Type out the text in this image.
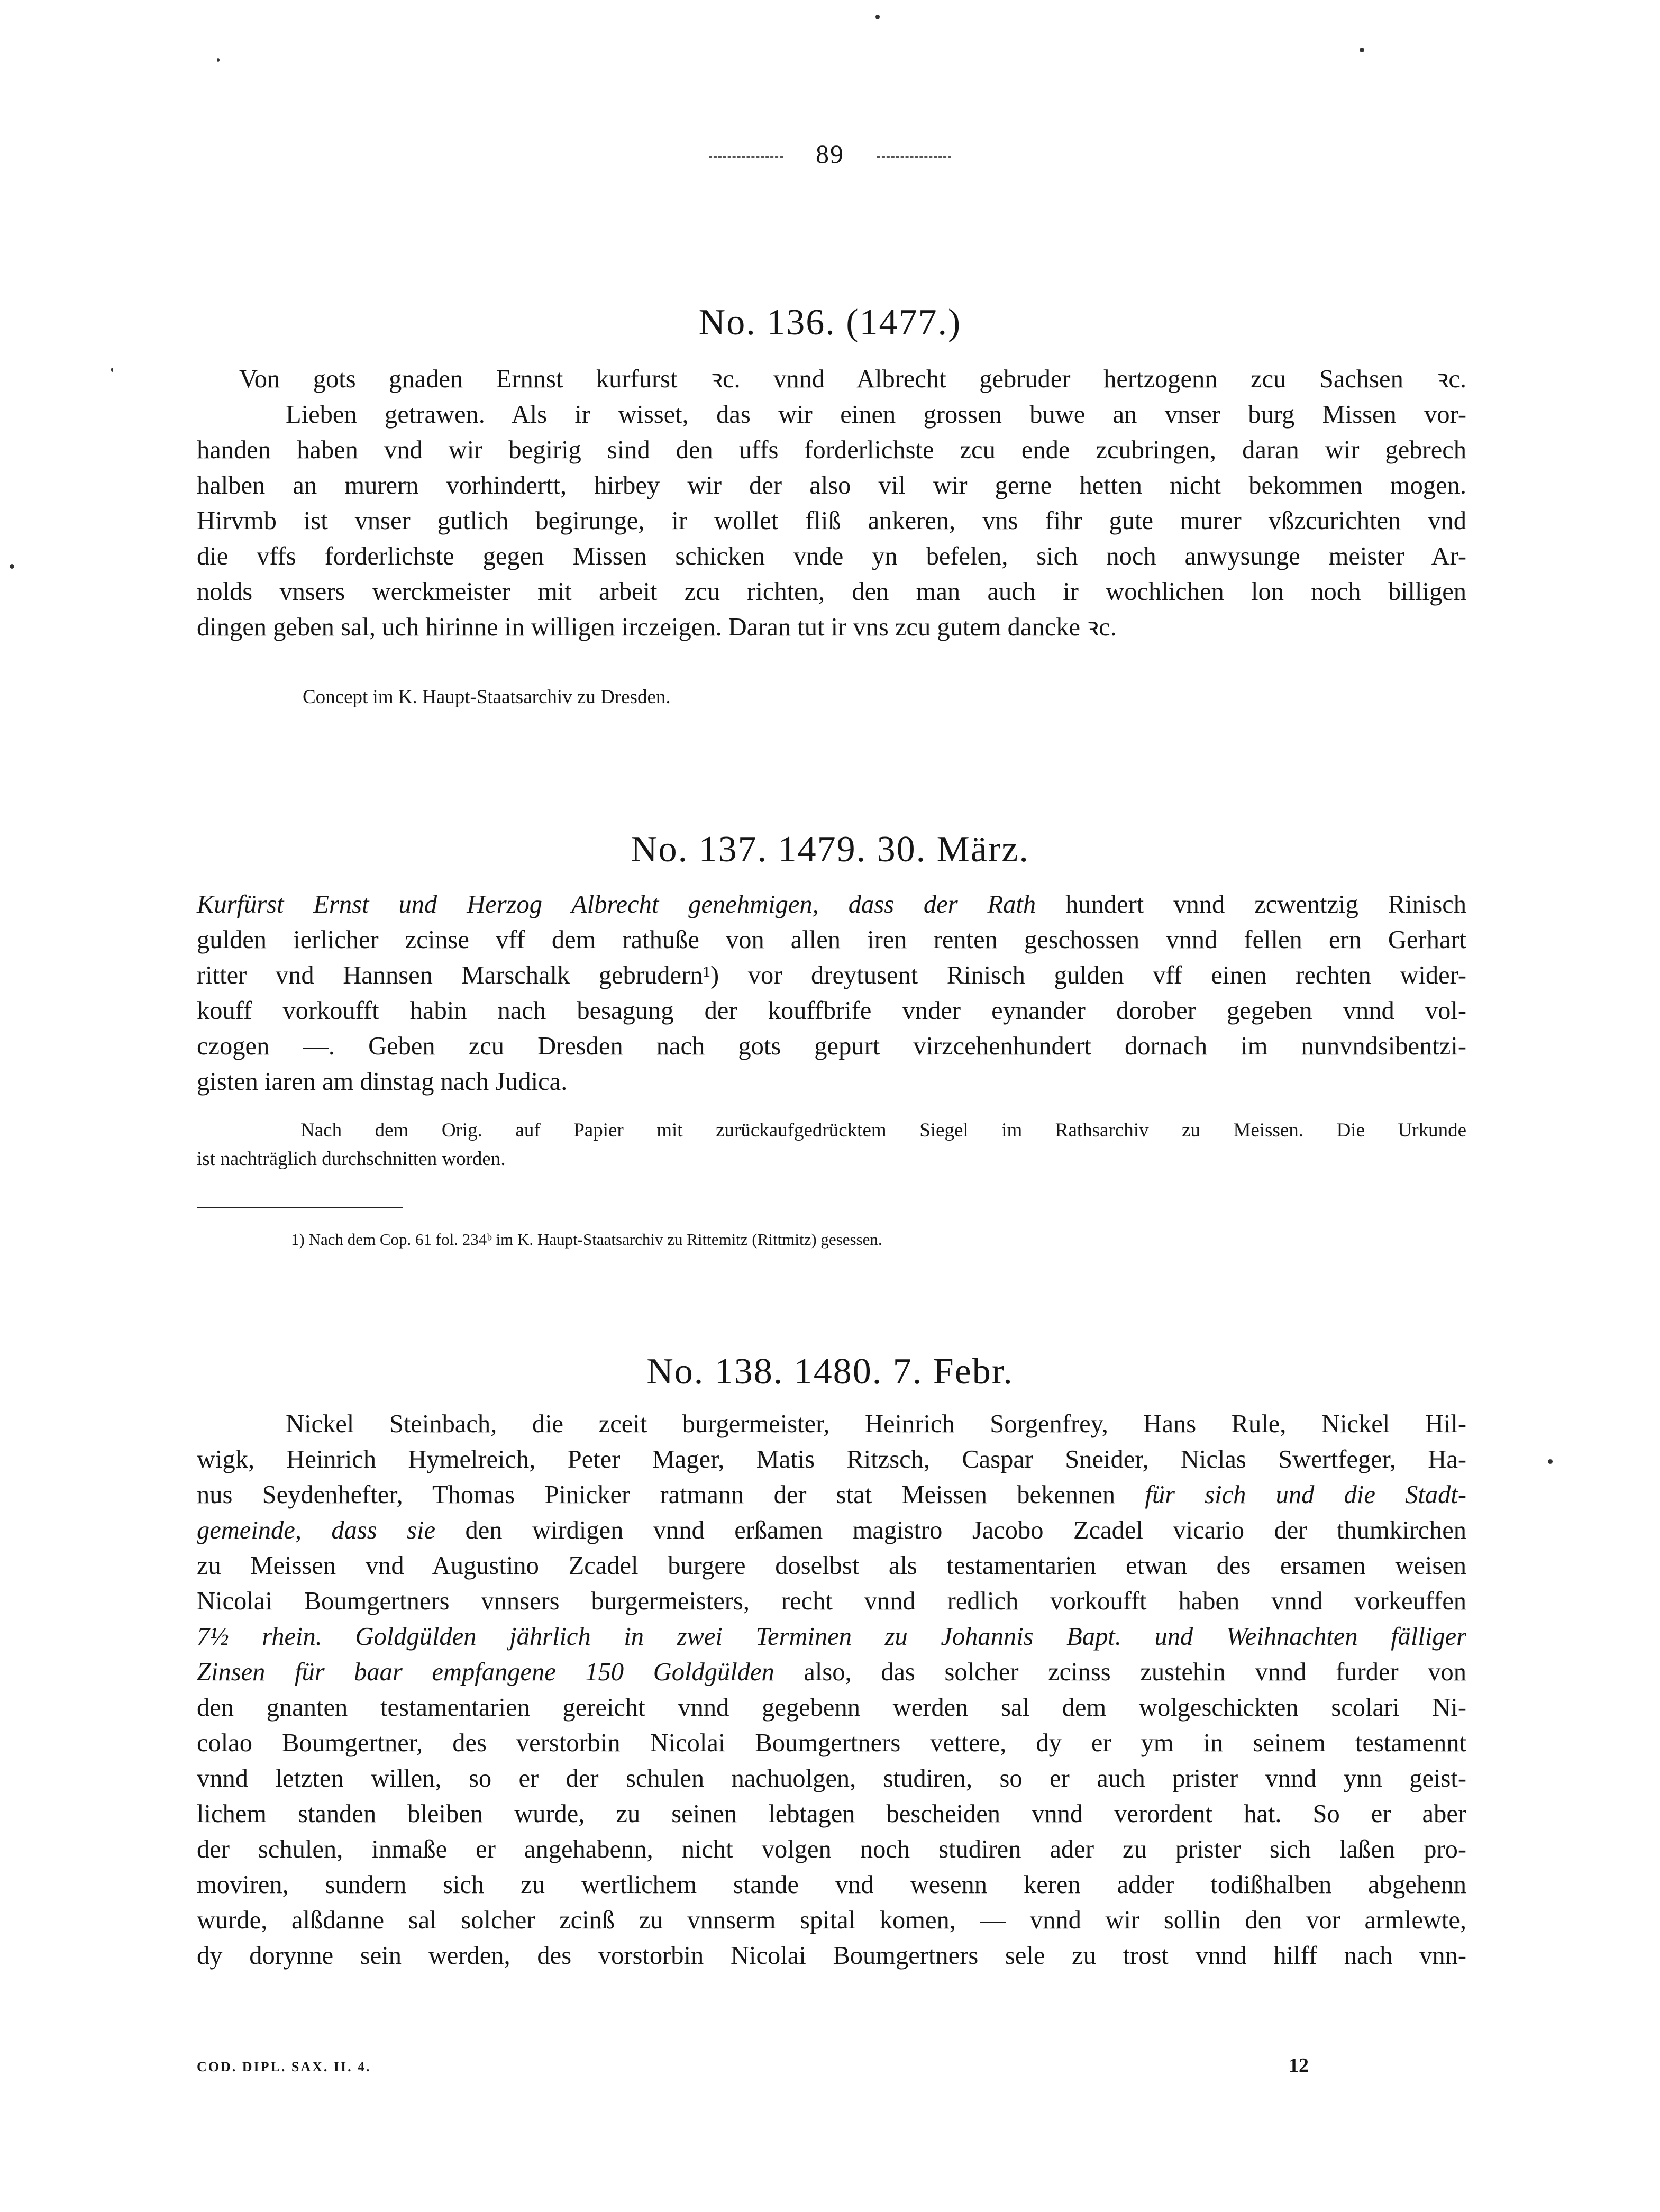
89
No. 136. (1477.)
Von gots gnaden Ernnst kurfurst ꝛc. vnnd Albrecht gebruder hertzogenn zcu Sachsen ꝛc.
Lieben getrawen. Als ir wisset, das wir einen grossen buwe an vnser burg Missen vor-
handen haben vnd wir begirig sind den uffs forderlichste zcu ende zcubringen, daran wir gebrech
halben an murern vorhindertt, hirbey wir der also vil wir gerne hetten nicht bekommen mogen.
Hirvmb ist vnser gutlich begirunge, ir wollet fliß ankeren, vns fihr gute murer vßzcurichten vnd
die vffs forderlichste gegen Missen schicken vnde yn befelen, sich noch anwysunge meister Ar-
nolds vnsers werckmeister mit arbeit zcu richten, den man auch ir wochlichen lon noch billigen
dingen geben sal, uch hirinne in willigen irczeigen. Daran tut ir vns zcu gutem dancke ꝛc.
Concept im K. Haupt-Staatsarchiv zu Dresden.
No. 137. 1479. 30. März.
Kurfürst Ernst und Herzog Albrecht genehmigen, dass der Rath hundert vnnd zcwentzig Rinisch
gulden ierlicher zcinse vff dem rathuße von allen iren renten geschossen vnnd fellen ern Gerhart
ritter vnd Hannsen Marschalk gebrudern¹) vor dreytusent Rinisch gulden vff einen rechten wider-
kouff vorkoufft habin nach besagung der kouffbrife vnder eynander dorober gegeben vnnd vol-
czogen —. Geben zcu Dresden nach gots gepurt virzcehenhundert dornach im nunvndsibentzi-
gisten iaren am dinstag nach Judica.
Nach dem Orig. auf Papier mit zurückaufgedrücktem Siegel im Rathsarchiv zu Meissen. Die Urkunde
ist nachträglich durchschnitten worden.
1) Nach dem Cop. 61 fol. 234ᵇ im K. Haupt-Staatsarchiv zu Rittemitz (Rittmitz) gesessen.
No. 138. 1480. 7. Febr.
Nickel Steinbach, die zceit burgermeister, Heinrich Sorgenfrey, Hans Rule, Nickel Hil-
wigk, Heinrich Hymelreich, Peter Mager, Matis Ritzsch, Caspar Sneider, Niclas Swertfeger, Ha-
nus Seydenhefter, Thomas Pinicker ratmann der stat Meissen bekennen für sich und die Stadt-
gemeinde, dass sie den wirdigen vnnd erßamen magistro Jacobo Zcadel vicario der thumkirchen
zu Meissen vnd Augustino Zcadel burgere doselbst als testamentarien etwan des ersamen weisen
Nicolai Boumgertners vnnsers burgermeisters, recht vnnd redlich vorkoufft haben vnnd vorkeuffen
7½ rhein. Goldgülden jährlich in zwei Terminen zu Johannis Bapt. und Weihnachten fälliger
Zinsen für baar empfangene 150 Goldgülden also, das solcher zcinss zustehin vnnd furder von
den gnanten testamentarien gereicht vnnd gegebenn werden sal dem wolgeschickten scolari Ni-
colao Boumgertner, des verstorbin Nicolai Boumgertners vettere, dy er ym in seinem testamennt
vnnd letzten willen, so er der schulen nachuolgen, studiren, so er auch prister vnnd ynn geist-
lichem standen bleiben wurde, zu seinen lebtagen bescheiden vnnd verordent hat. So er aber
der schulen, inmaße er angehabenn, nicht volgen noch studiren ader zu prister sich laßen pro-
moviren, sundern sich zu wertlichem stande vnd wesenn keren adder todißhalben abgehenn
wurde, alßdanne sal solcher zcinß zu vnnserm spital komen, — vnnd wir sollin den vor armlewte,
dy dorynne sein werden, des vorstorbin Nicolai Boumgertners sele zu trost vnnd hilff nach vnn-
COD. DIPL. SAX. II. 4.	12
